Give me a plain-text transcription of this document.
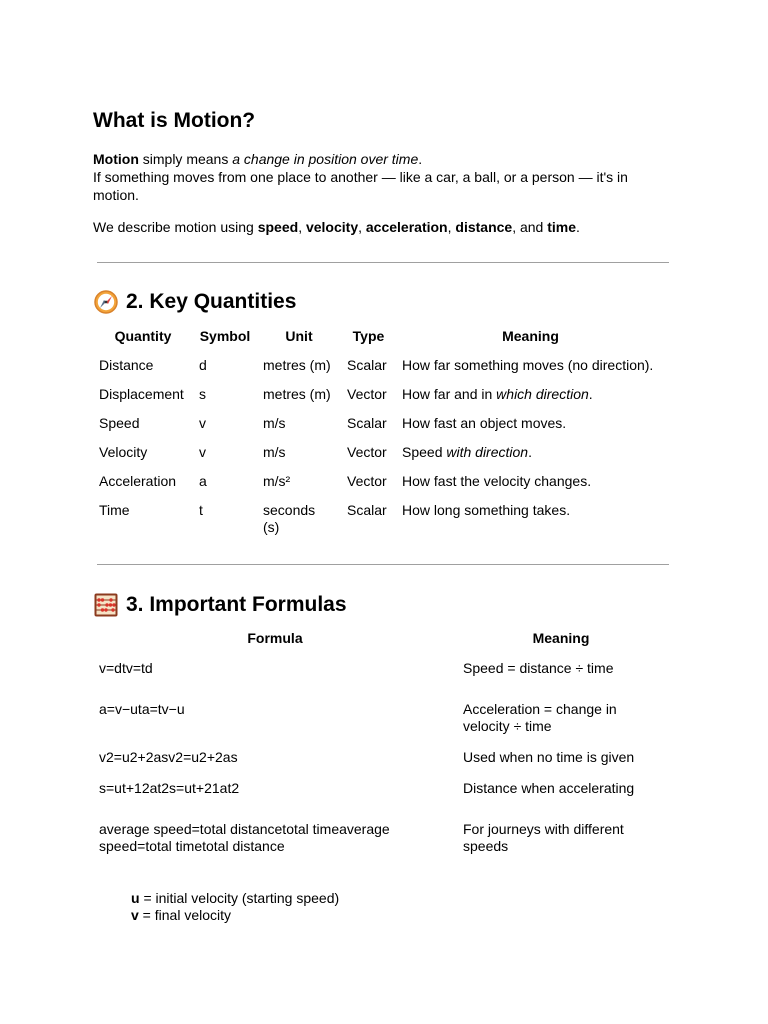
What is Motion?

Motion simply means a change in position over time.
If something moves from one place to another — like a car, a ball, or a person — it's in motion.

We describe motion using speed, velocity, acceleration, distance, and time.

2. Key Quantities
Quantity	Symbol	Unit	Type	Meaning
Distance	d	metres (m)	Scalar	How far something moves (no direction).
Displacement	s	metres (m)	Vector	How far and in which direction.
Speed	v	m/s	Scalar	How fast an object moves.
Velocity	v	m/s	Vector	Speed with direction.
Acceleration	a	m/s²	Vector	How fast the velocity changes.
Time	t	seconds (s)	Scalar	How long something takes.
3. Important Formulas
Formula	Meaning
v=dtv=td	Speed = distance ÷ time
a=v−uta=tv−u	Acceleration = change in velocity ÷ time
v2=u2+2asv2=u2+2as	Used when no time is given
s=ut+12at2s=ut+21at2	Distance when accelerating
average speed=total distancetotal timeaverage speed=total timetotal distance	For journeys with different speeds
u = initial velocity (starting speed)
v = final velocity
